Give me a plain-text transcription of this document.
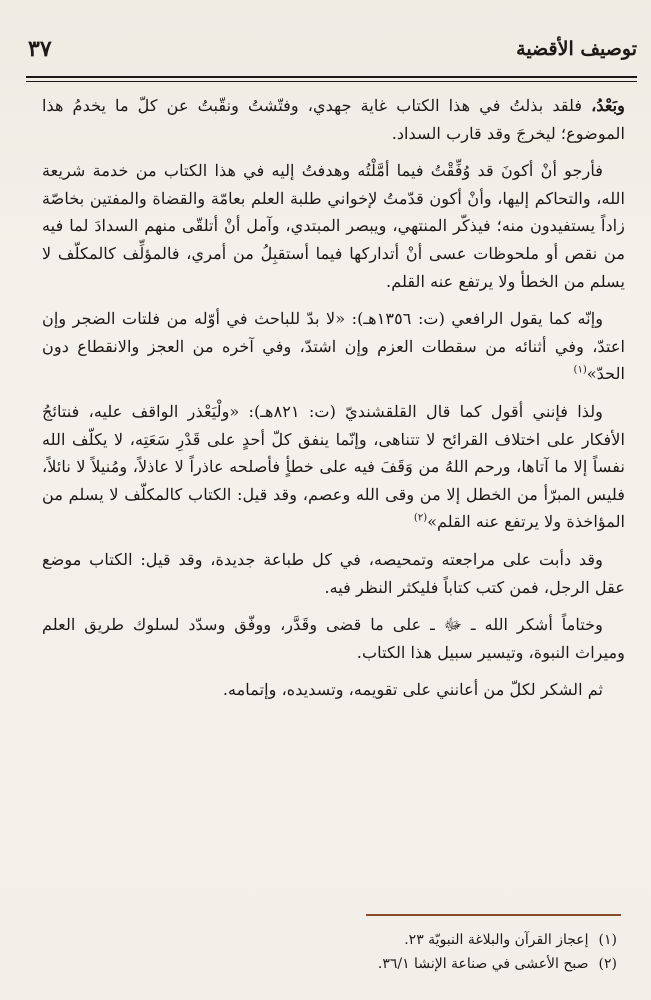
توصيف الأقضية
٣٧

وبَعْدُ، فلقد بذلتُ في هذا الكتاب غاية جهدي، وفتّشتُ ونقّبتُ عن كلّ ما يخدمُ هذا الموضوع؛ ليخرجَ وقد قارب السداد.

فأرجو أنْ أكونَ قد وُفِّقْتُ فيما أمَّلْتُه وهدفتُ إليه في هذا الكتاب من خدمة شريعة الله، والتحاكم إليها، وأنْ أكون قدّمتُ لإخواني طلبة العلم بعامّة والقضاة والمفتين بخاصّة زاداً يستفيدون منه؛ فيذكّر المنتهي، ويبصر المبتدي، وآمل أنْ أتلقّى منهم السدادَ لما فيه من نقص أو ملحوظات عسى أنْ أتداركها فيما أستقبِلُ من أمري، فالمؤلِّف كالمكلّف لا يسلم من الخطأ ولا يرتفع عنه القلم.

وإنّه كما يقول الرافعي (ت: ١٣٥٦هـ): «لا بدّ للباحث في أوّله من فلتات الضجر وإن اعتدّ، وفي أثنائه من سقطات العزم وإن اشتدّ، وفي آخره من العجز والانقطاع دون الحدّ»$^{(١)}$

ولذا فإنني أقول كما قال القلقشنديّ (ت: ٨٢١هـ): «ولْيَعْذر الواقف عليه، فنتائجُ الأفكار على اختلاف القرائح لا تتناهى، وإنّما ينفق كلّ أحدٍ على قَدْرِ سَعَتِه، لا يكلّف الله نفساً إلا ما آتاها، ورحم اللهُ من وَقَفَ فيه على خطأٍ فأصلحه عاذراً لا عاذلاً، ومُنيلاً لا نائلاً، فليس المبرّأ من الخطل إلا من وقى الله وعصم، وقد قيل: الكتاب كالمكلّف لا يسلم من المؤاخذة ولا يرتفع عنه القلم»$^{(٢)}$

وقد دأبت على مراجعته وتمحيصه، في كل طباعة جديدة، وقد قيل: الكتاب موضع عقل الرجل، فمن كتب كتاباً فليكثر النظر فيه.

وختاماً أشكر الله ـ ﷻ ـ على ما قضى وقَدَّر، ووفّق وسدّد لسلوك طريق العلم وميراث النبوة، وتيسير سبيل هذا الكتاب.

ثم الشكر لكلّ من أعانني على تقويمه، وتسديده، وإتمامه.

(١)إعجاز القرآن والبلاغة النبويّة ٢٣.

(٢)صبح الأعشى في صناعة الإنشا ٣٦/١.
